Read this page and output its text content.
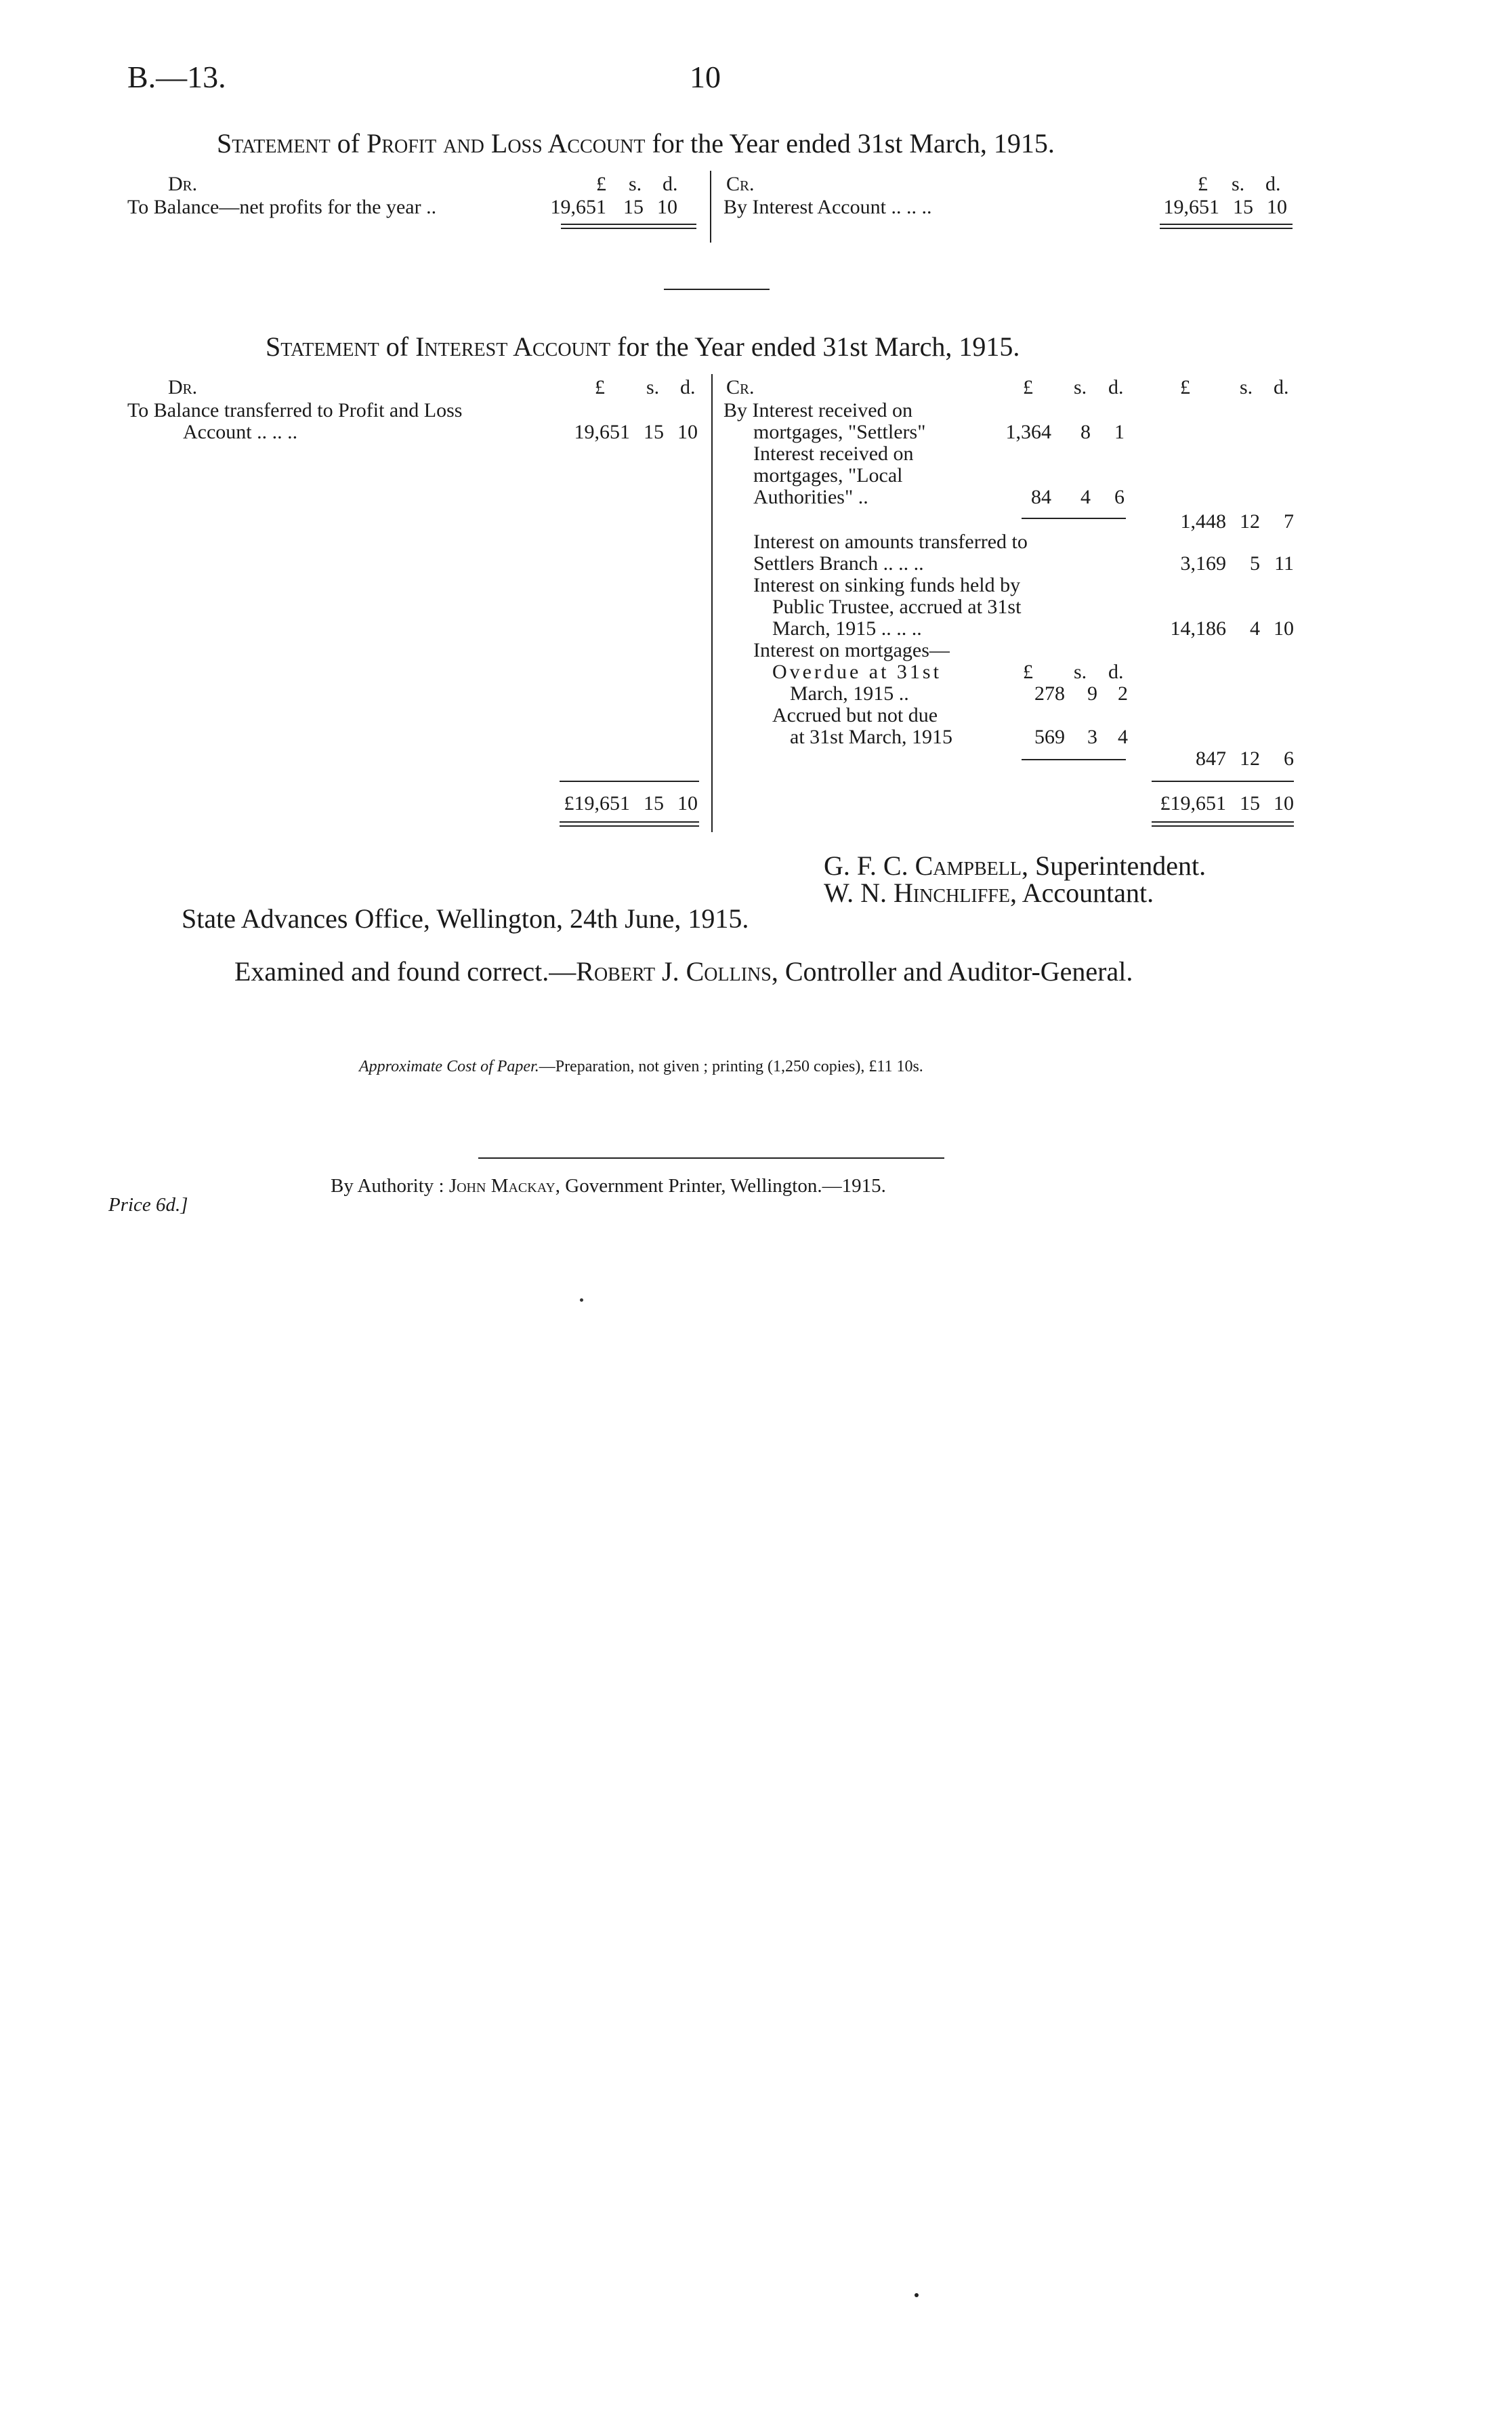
B.—13.	10
Statement of Profit and Loss Account for the Year ended 31st March, 1915.
Dr.	£ s. d.
To Balance—net profits for the year ..	19,651 15 10
Cr.	£ s. d.
By Interest Account .. .. ..	19,651 15 10
Statement of Interest Account for the Year ended 31st March, 1915.
Dr.	£ s. d.
To Balance transferred to Profit and Loss
Account .. .. ..	19,651 15 10
£19,651 15 10
Cr.	£ s. d.	£ s. d.
By Interest received on
mortgages, "Settlers"	1,364	8	1
Interest received on
mortgages, "Local
Authorities" ..	84	4	6
1,448 12	7
Interest on amounts transferred to
Settlers Branch .. .. ..	3,169	5 11
Interest on sinking funds held by
Public Trustee, accrued at 31st
March, 1915 .. .. ..	14,186	4 10
Interest on mortgages—
£ s. d.
Overdue at 31st
March, 1915 ..	278	9	2
Accrued but not due
at 31st March, 1915	569	3	4
847 12	6
£19,651 15 10
G. F. C. Campbell, Superintendent.
W. N. Hinchliffe, Accountant.
State Advances Office, Wellington, 24th June, 1915.
Examined and found correct.—Robert J. Collins, Controller and Auditor-General.
Approximate Cost of Paper.—Preparation, not given ; printing (1,250 copies), £11 10s.
By Authority : John Mackay, Government Printer, Wellington.—1915.
Price 6d.]
